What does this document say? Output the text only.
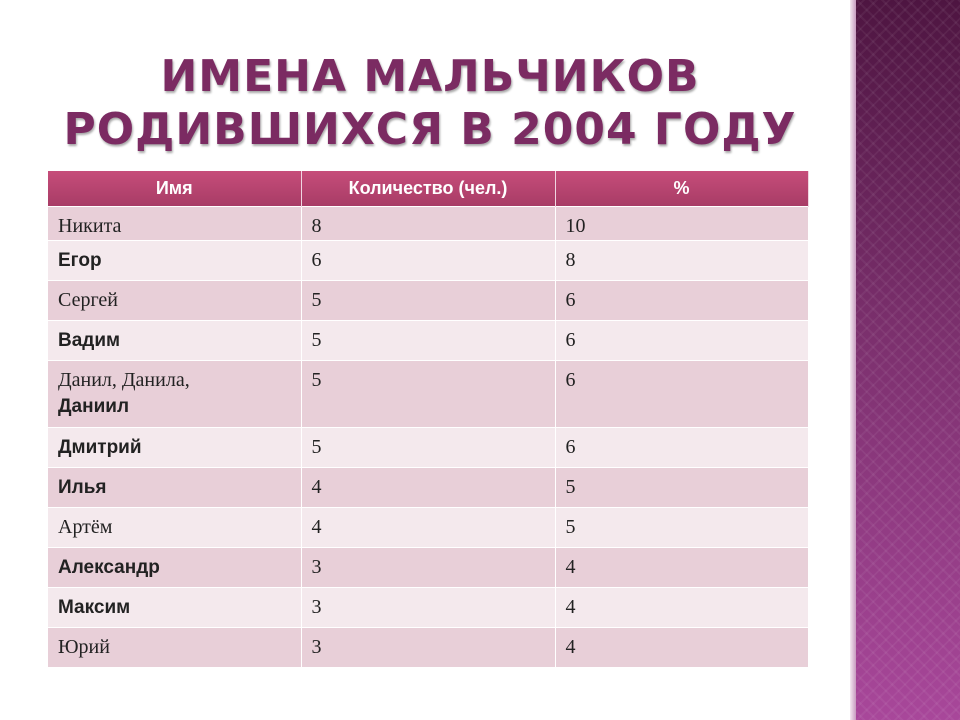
ИМЕНА МАЛЬЧИКОВ
РОДИВШИХСЯ В 2004 ГОДУ
Имя	Количество (чел.)	%
Никита	8	10
Егор	6	8
Сергей	5	6
Вадим	5	6
Данил, Данила,
Даниил	5	6
Дмитрий	5	6
Илья	4	5
Артём	4	5
Александр	3	4
Максим	3	4
Юрий	3	4
